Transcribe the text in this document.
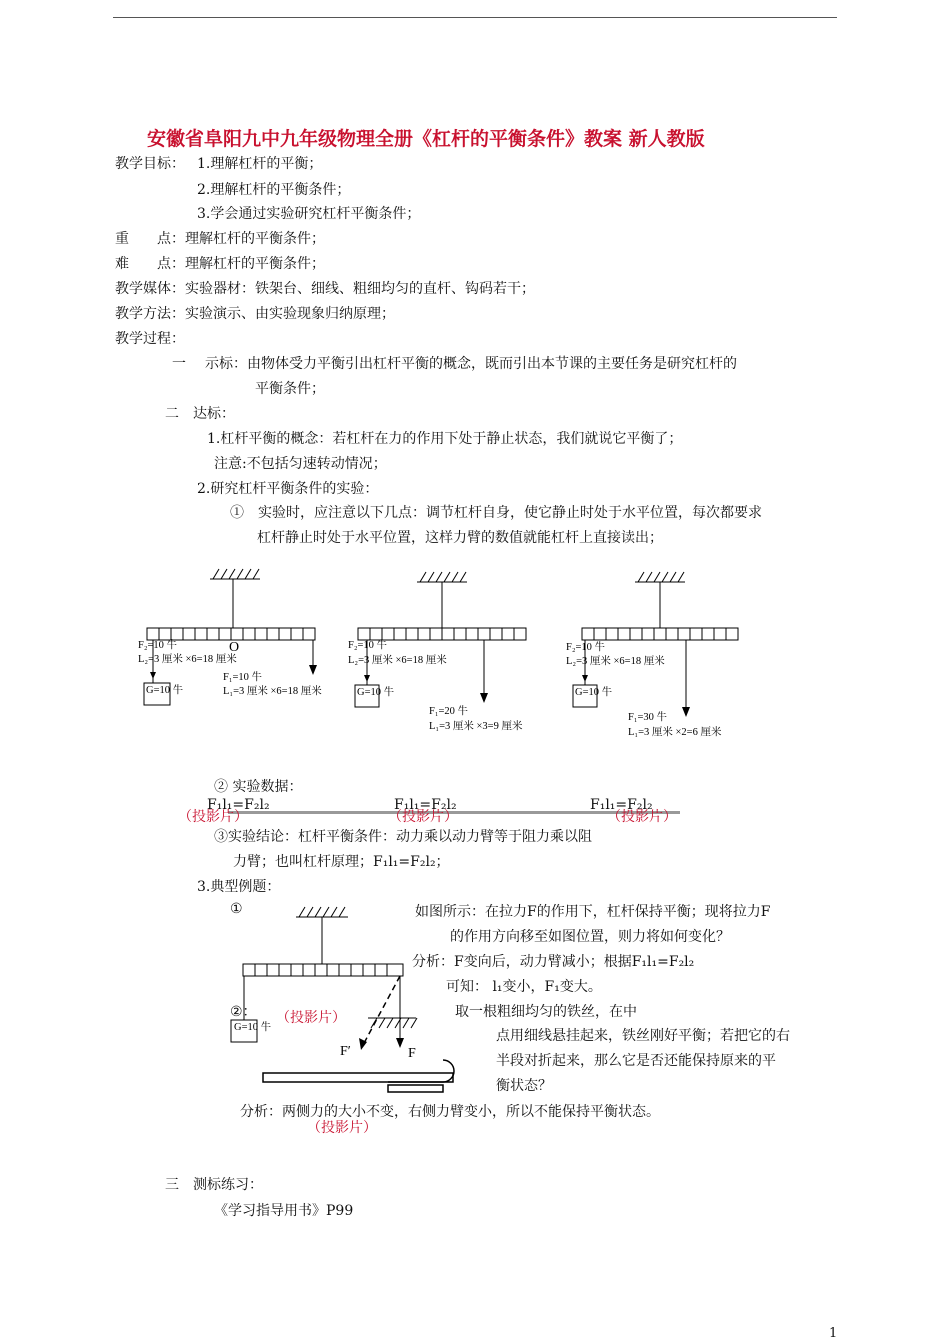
安徽省阜阳九中九年级物理全册《杠杆的平衡条件》教案 新人教版
教学目标： 1.理解杠杆的平衡；
2.理解杠杆的平衡条件；
3.学会通过实验研究杠杆平衡条件；
重　　点：理解杠杆的平衡条件；
难　　点：理解杠杆的平衡条件；
教学媒体：实验器材：铁架台、细线、粗细均匀的直杆、钩码若干；
教学方法：实验演示、由实验现象归纳原理；
教学过程：
一 示标：由物体受力平衡引出杠杆平衡的概念，既而引出本节课的主要任务是研究杠杆的
平衡条件；
二　达标：
1.杠杆平衡的概念：若杠杆在力的作用下处于静止状态，我们就说它平衡了；
注意:不包括匀速转动情况；
2.研究杠杆平衡条件的实验：
①　实验时，应注意以下几点：调节杠杆自身，使它静止时处于水平位置，每次都要求
杠杆静止时处于水平位置，这样力臂的数值就能杠杆上直接读出；
O
F₂=10 牛
L₂=3 厘米 ×6=18 厘米
G=10 牛
F₁=10 牛
L₁=3 厘米 ×6=18 厘米
F₂=10 牛
L₂=3 厘米 ×6=18 厘米
G=10 牛
F₁=20 牛
L₁=3 厘米 ×3=9 厘米
F₂=10 牛
L₂=3 厘米 ×6=18 厘米
G=10 牛
F₁=30 牛
L₁=3 厘米 ×2=6 厘米
② 实验数据：
F₁l₁=F₂l₂	F₁l₁=F₂l₂	F₁l₁=F₂l₂
（投影片）	（投影片）	（投影片）
③实验结论：杠杆平衡条件：动力乘以动力臂等于阻力乘以阻
力臂；也叫杠杆原理；F₁l₁=F₂l₂；
3.典型例题：
①
G=10 牛
F′	F
如图所示：在拉力F的作用下，杠杆保持平衡；现将拉力F
的作用方向移至如图位置，则力将如何变化？
分析：F变向后，动力臂减小；根据F₁l₁=F₂l₂
可知： l₁变小，F₁变大。
②： （投影片）	取一根粗细均匀的铁丝，在中
点用细线悬挂起来，铁丝刚好平衡；若把它的右
半段对折起来，那么它是否还能保持原来的平
衡状态？
分析：两侧力的大小不变，右侧力臂变小，所以不能保持平衡状态。
（投影片）
三　测标练习：
《学习指导用书》P99
1
